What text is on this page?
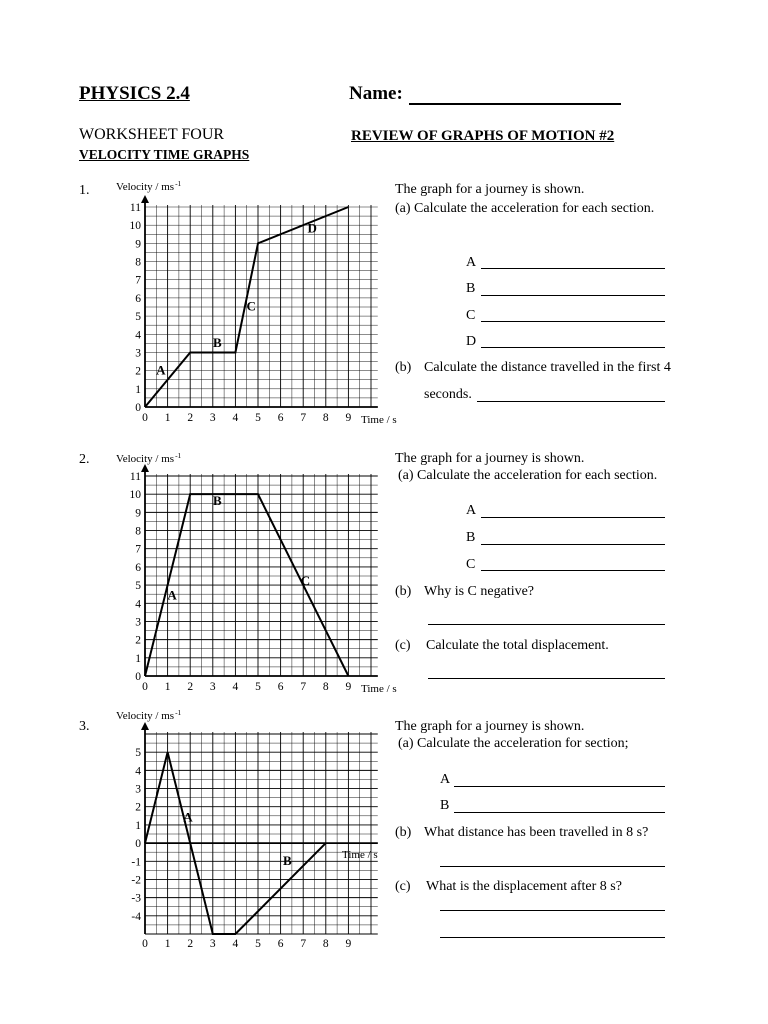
PHYSICS 2.4	Name:
WORKSHEET FOUR	REVIEW OF GRAPHS OF MOTION #2
VELOCITY TIME GRAPHS
1.
2.
3.
0
1
2
3
4
5
6
7
8
9
10
11
0 1 2 3 4 5 6 7 8 9
Velocity / ms -1
Time / s
A
B
C
D
0
1
2
3
4
5
6
7
8
9
10
11
0 1 2 3 4 5 6 7 8 9
Velocity / ms -1
Time / s
A
B
C
-4
-3
-2
-1
0
1
2
3
4
5
0 1 2 3 4 5 6 7 8 9
Velocity / ms -1
Time / s
A
B
The graph for a journey is shown.
(a) Calculate the acceleration for each section.
A
B
C
D
(b) Calculate the distance travelled in the first 4
seconds.
The graph for a journey is shown.
(a) Calculate the acceleration for each section.
A
B
C
(b) Why is C negative?
(c) Calculate the total displacement.
The graph for a journey is shown.
(a) Calculate the acceleration for section;
A
B
(b) What distance has been travelled in 8 s?
(c) What is the displacement after 8 s?
